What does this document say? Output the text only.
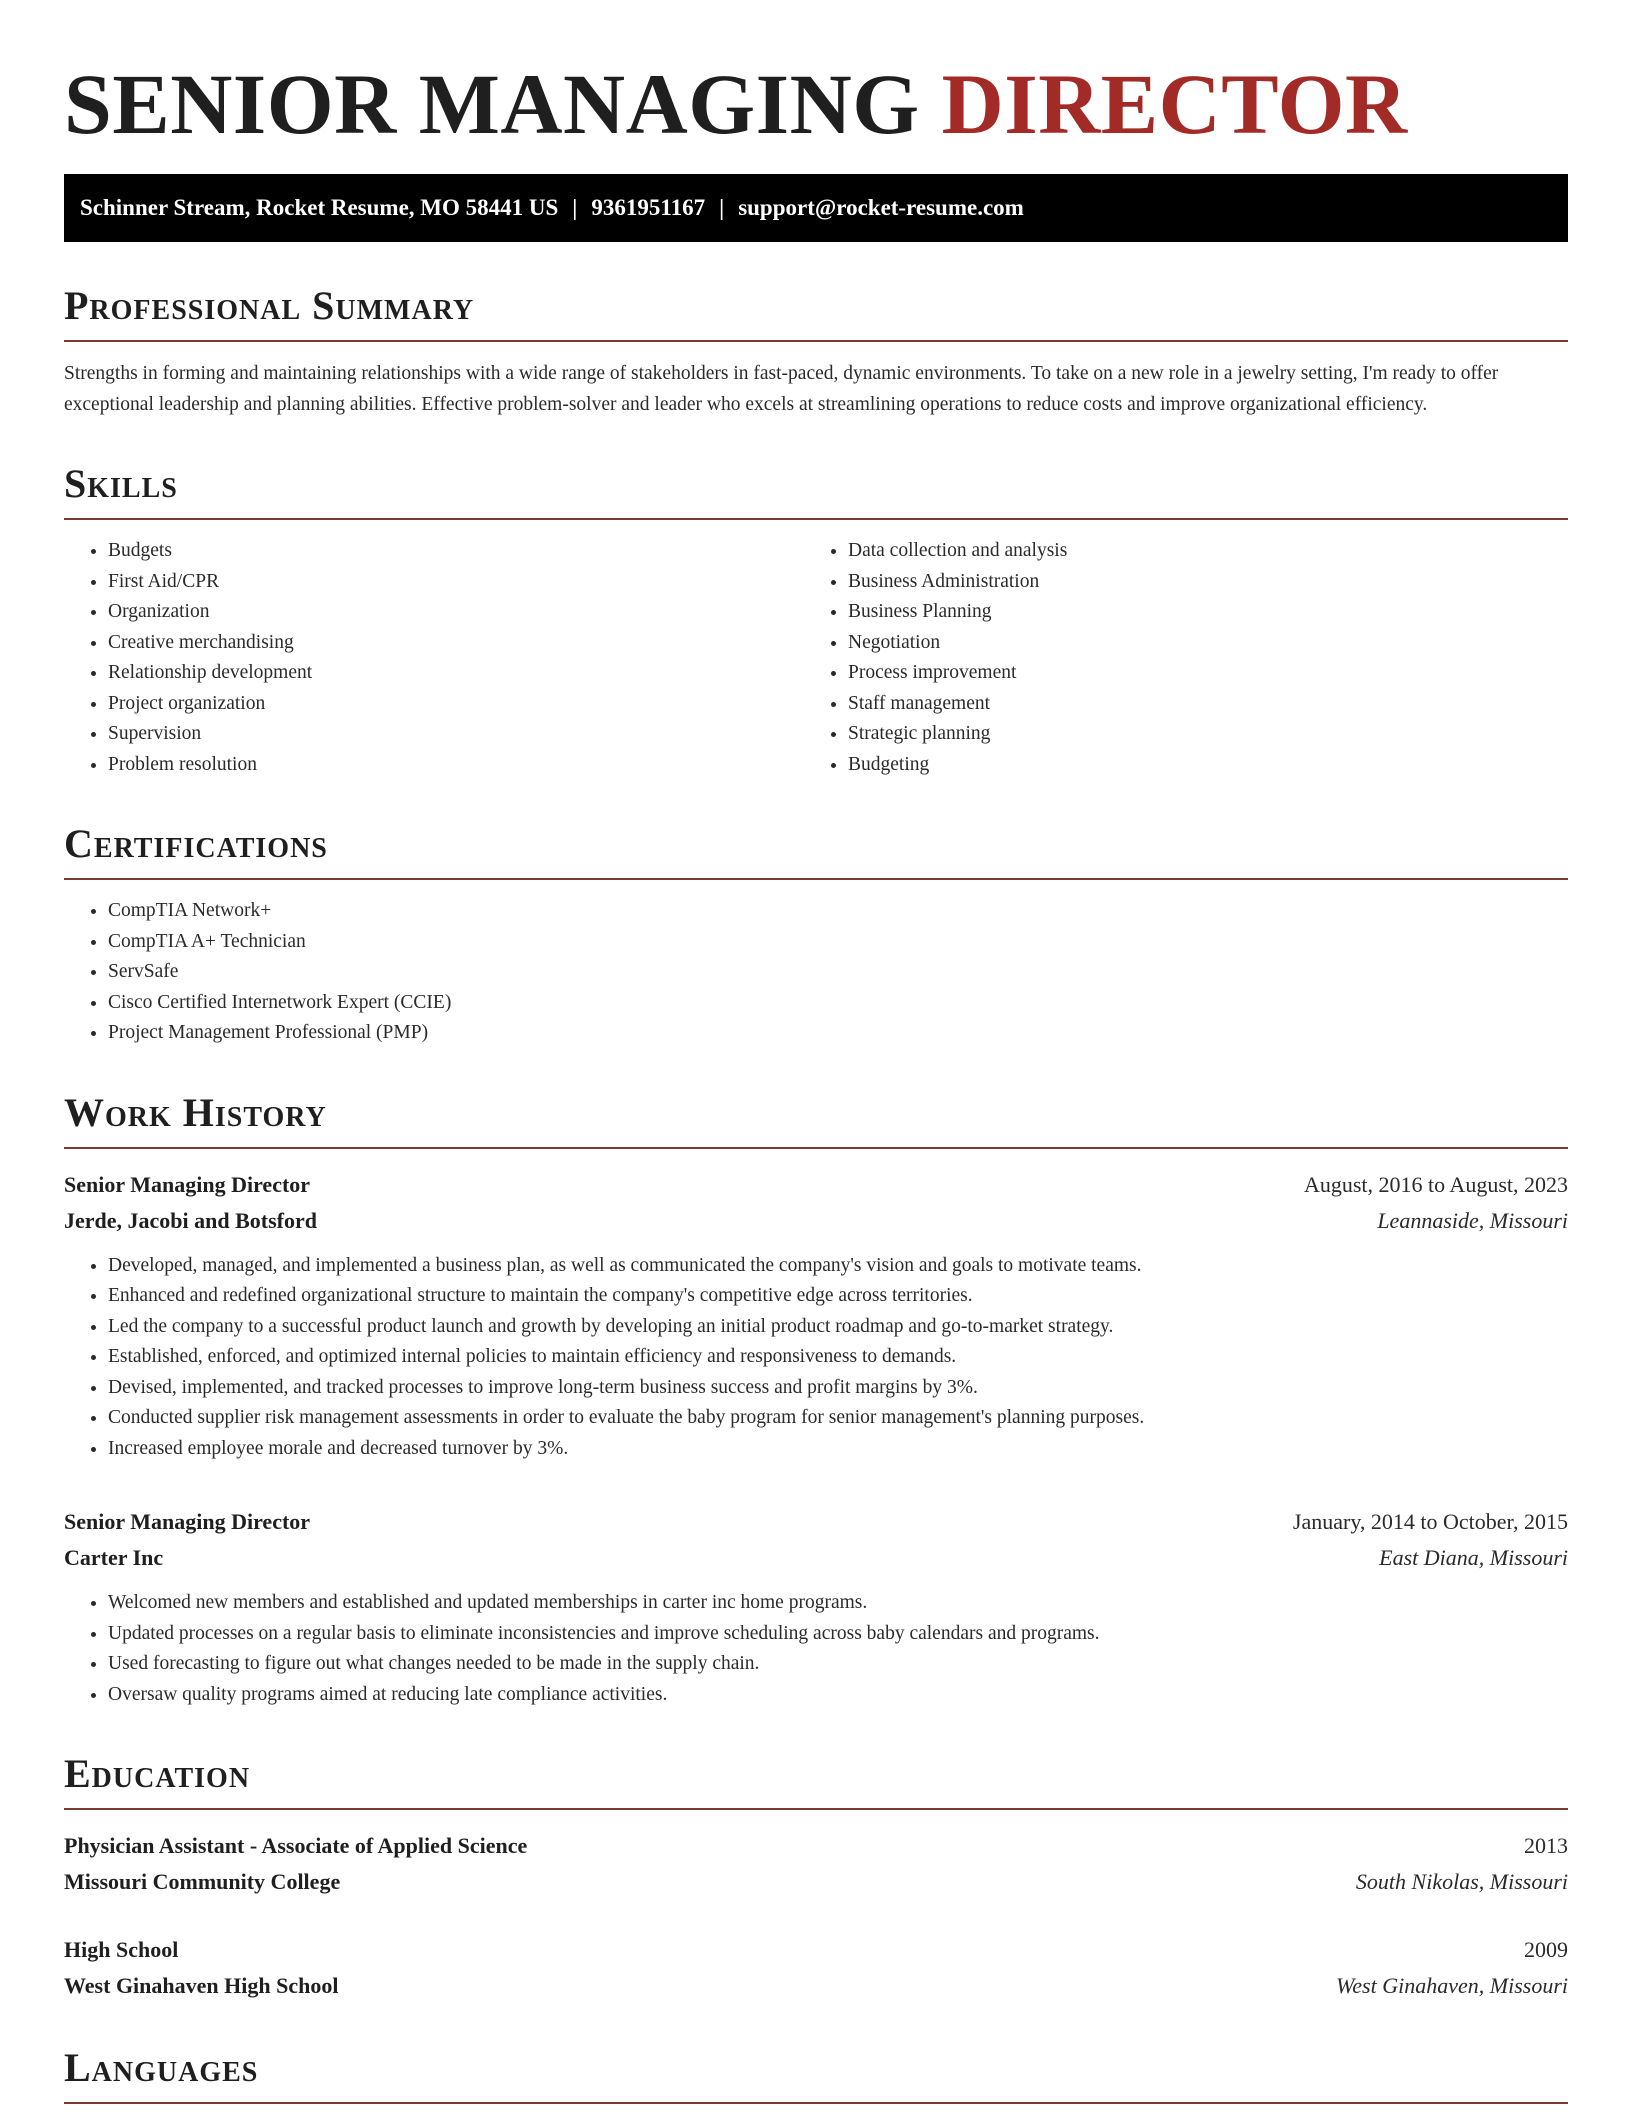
SENIOR MANAGING DIRECTOR
Schinner Stream, Rocket Resume, MO 58441 US | 9361951167 | support@rocket-resume.com
Professional Summary

Strengths in forming and maintaining relationships with a wide range of stakeholders in fast-paced, dynamic environments. To take on a new role in a jewelry setting, I'm ready to offer exceptional leadership and planning abilities. Effective problem-solver and leader who excels at streamlining operations to reduce costs and improve organizational efficiency.

Skills
• Budgets
• First Aid/CPR
• Organization
• Creative merchandising
• Relationship development
• Project organization
• Supervision
• Problem resolution
• Data collection and analysis
• Business Administration
• Business Planning
• Negotiation
• Process improvement
• Staff management
• Strategic planning
• Budgeting
Certifications
• CompTIA Network+
• CompTIA A+ Technician
• ServSafe
• Cisco Certified Internetwork Expert (CCIE)
• Project Management Professional (PMP)
Work History
Senior Managing Director	August, 2016 to August, 2023
Jerde, Jacobi and Botsford	Leannaside, Missouri
• Developed, managed, and implemented a business plan, as well as communicated the company's vision and goals to motivate teams.
• Enhanced and redefined organizational structure to maintain the company's competitive edge across territories.
• Led the company to a successful product launch and growth by developing an initial product roadmap and go-to-market strategy.
• Established, enforced, and optimized internal policies to maintain efficiency and responsiveness to demands.
• Devised, implemented, and tracked processes to improve long-term business success and profit margins by 3%.
• Conducted supplier risk management assessments in order to evaluate the baby program for senior management's planning purposes.
• Increased employee morale and decreased turnover by 3%.
Senior Managing Director	January, 2014 to October, 2015
Carter Inc	East Diana, Missouri
• Welcomed new members and established and updated memberships in carter inc home programs.
• Updated processes on a regular basis to eliminate inconsistencies and improve scheduling across baby calendars and programs.
• Used forecasting to figure out what changes needed to be made in the supply chain.
• Oversaw quality programs aimed at reducing late compliance activities.
Education
Physician Assistant - Associate of Applied Science	2013
Missouri Community College	South Nikolas, Missouri
High School	2009
West Ginahaven High School	West Ginahaven, Missouri
Languages
